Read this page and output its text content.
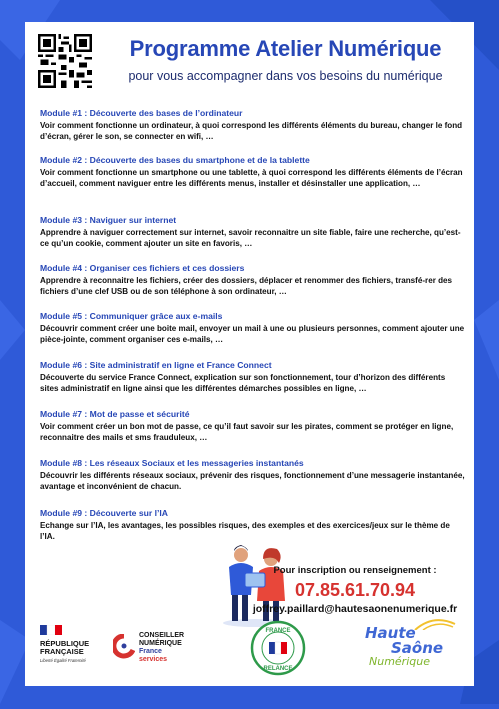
Programme Atelier Numérique
pour vous accompagner dans vos besoins du numérique
Module #1 : Découverte des bases de l’ordinateur
Voir comment fonctionne un ordinateur, à quoi correspond les différents éléments du bureau, changer le fond d’écran, gérer le son, se connecter en wifi, …
Module #2 : Découverte des bases du smartphone et de la tablette
Voir comment fonctionne un smartphone ou une tablette, à quoi correspond les différents éléments de l’écran d’accueil, comment naviguer entre les différents menus, installer et désinstaller une application, …
Module #3 : Naviguer sur internet
Apprendre à naviguer correctement sur internet, savoir reconnaitre un site fiable, faire une recherche, qu’est-ce qu’un cookie, comment ajouter un site en favoris, …
Module #4 : Organiser ces fichiers et ces dossiers
Apprendre à reconnaitre les fichiers, créer des dossiers, déplacer et renommer des fichiers, transfé-rer des fichiers d’une clef USB ou de son téléphone à son ordinateur, …
Module #5 : Communiquer grâce aux e-mails
Découvrir comment créer une boite mail, envoyer un mail à une ou plusieurs personnes, comment ajouter une pièce-jointe, comment organiser ces e-mails, …
Module #6 : Site administratif en ligne et France Connect
Découverte du service France Connect, explication sur son fonctionnement, tour d’horizon des différents sites administratif en ligne ainsi que les différentes démarches possibles en ligne, …
Module #7 : Mot de passe et sécurité
Voir comment créer un bon mot de passe, ce qu’il faut savoir sur les pirates, comment se protéger en ligne, reconnaitre des mails et sms frauduleux, …
Module #8 : Les réseaux Sociaux et les messageries instantanés
Découvrir les différents réseaux sociaux, prévenir des risques, fonctionnement d’une messagerie instantanée, avantage et inconvénient de chacun.
Module #9 : Découverte sur l’IA
Echange sur l’IA, les avantages, les possibles risques, des exemples et des exercices/jeux sur le thème de l’IA.
Pour inscription ou renseignement :
07.85.61.70.94
joffrey.paillard@hautesaonenumerique.fr
RÉPUBLIQUE
FRANÇAISE
Liberté Égalité Fraternité
CONSEILLER
NUMÉRIQUE
France
services
FRANCE
RELANCE
Haute
Saône
Numérique
